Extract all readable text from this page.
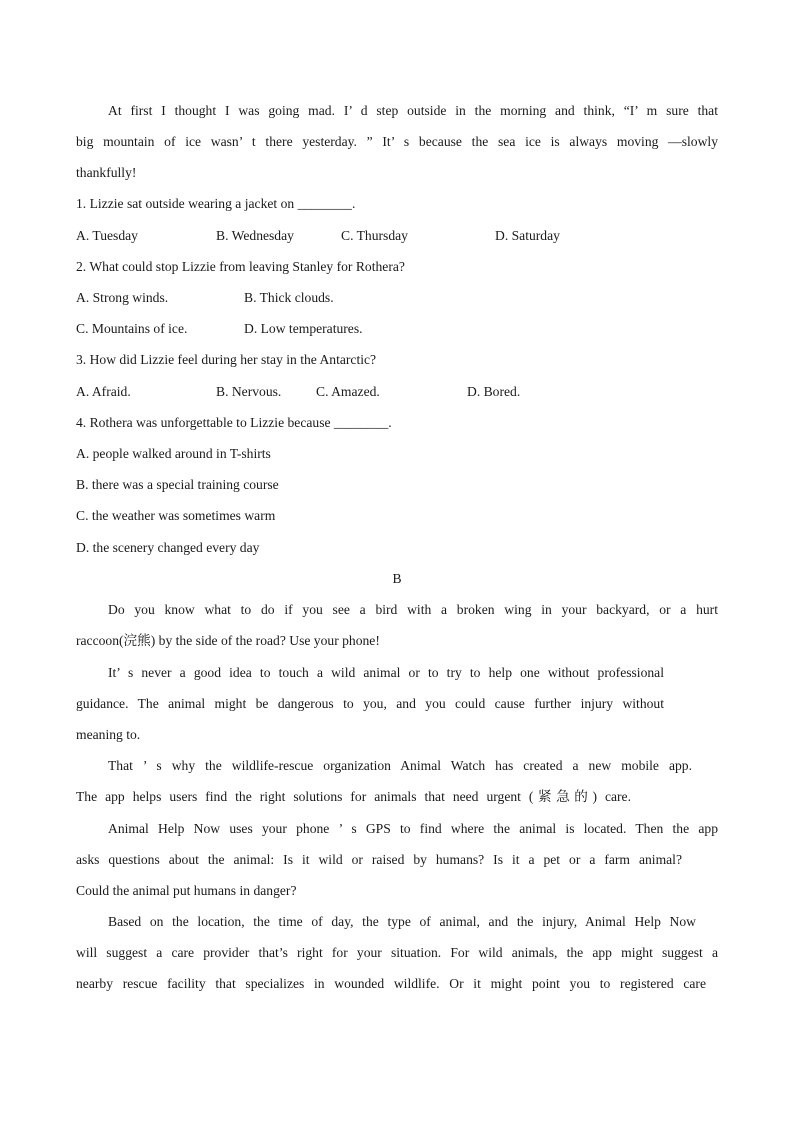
At first I thought I was going mad. I’ d step outside in the morning and think, “I’ m sure that
big mountain of ice wasn’ t there yesterday. ” It’ s because the sea ice is always moving —slowly
thankfully!
1. Lizzie sat outside wearing a jacket on ________.
A. Tuesday	B. Wednesday	C. Thursday	D. Saturday
2. What could stop Lizzie from leaving Stanley for Rothera?
A. Strong winds.	B. Thick clouds.
C. Mountains of ice.	D. Low temperatures.
3. How did Lizzie feel during her stay in the Antarctic?
A. Afraid.	B. Nervous.	C. Amazed.	D. Bored.
4. Rothera was unforgettable to Lizzie because ________.
A. people walked around in T-shirts
B. there was a special training course
C. the weather was sometimes warm
D. the scenery changed every day
B
Do you know what to do if you see a bird with a broken wing in your backyard, or a hurt
raccoon(浣熊) by the side of the road? Use your phone!
It’ s never a good idea to touch a wild animal or to try to help one without professional
guidance. The animal might be dangerous to you, and you could cause further injury without
meaning to.
That ’ s why the wildlife-rescue organization Animal Watch has created a new mobile app.
The app helps users find the right solutions for animals that need urgent (紧急的) care.
Animal Help Now uses your phone ’ s GPS to find where the animal is located. Then the app
asks questions about the animal: Is it wild or raised by humans? Is it a pet or a farm animal?
Could the animal put humans in danger?
Based on the location, the time of day, the type of animal, and the injury, Animal Help Now
will suggest a care provider that’s right for your situation. For wild animals, the app might suggest a
nearby rescue facility that specializes in wounded wildlife. Or it might point you to registered care
